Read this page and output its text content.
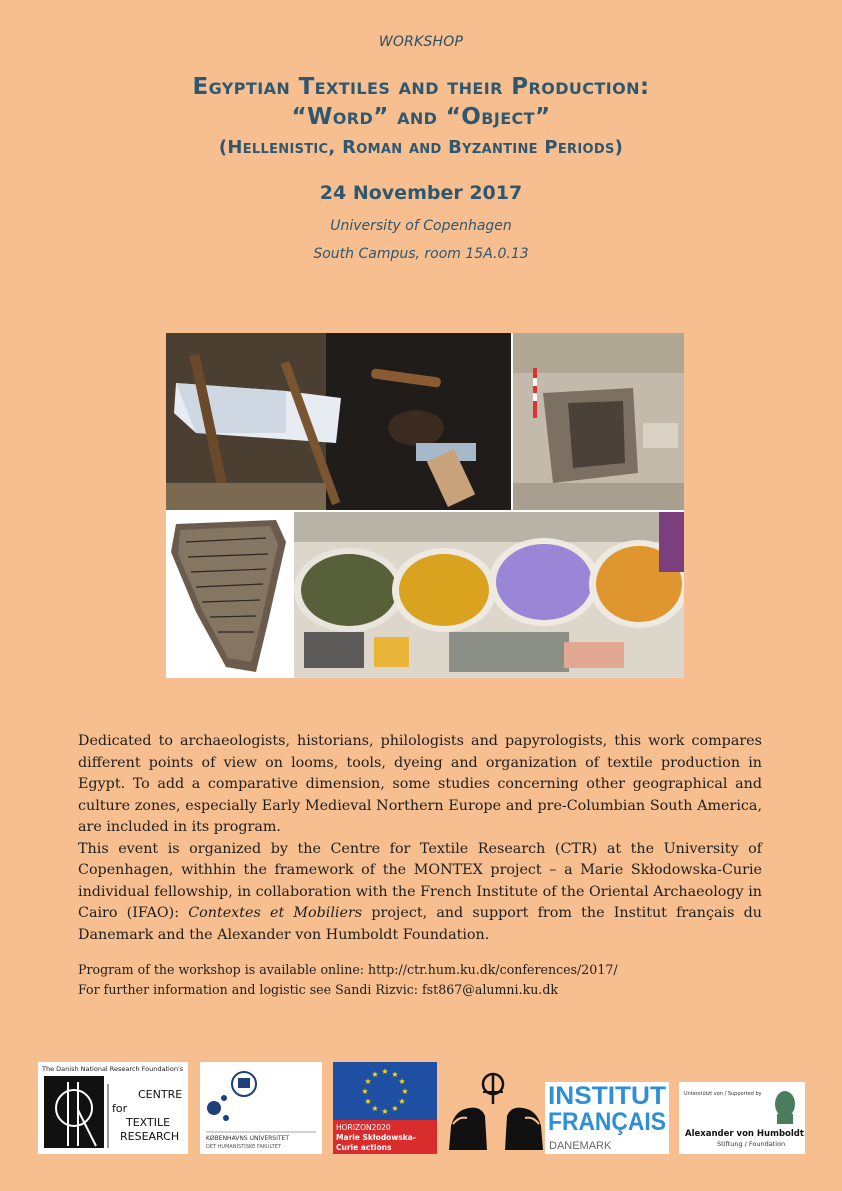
WORKSHOP
Egyptian Textiles and their Production:
“Word” and “Object”
(Hellenistic, Roman and Byzantine Periods)
24 November 2017
University of Copenhagen
South Campus, room 15A.0.13

Dedicated to archaeologists, historians, philologists and papyrologists, this work compares different points of view on looms, tools, dyeing and organization of textile production in Egypt. To add a comparative dimension, some studies concerning other geographical and culture zones, especially Early Medieval Northern Europe and pre-Columbian South America, are included in its program.

This event is organized by the Centre for Textile Research (CTR) at the University of Copenhagen, withhin the framework of the MONTEX project – a Marie Skłodowska-Curie individual fellowship, in collaboration with the French Institute of the Oriental Archaeology in Cairo (IFAO): Contextes et Mobiliers project, and support from the Institut français du Danemark and the Alexander von Humboldt Foundation.

Program of the workshop is available online: http://ctr.hum.ku.dk/conferences/2017/
For further information and logistic see Sandi Rizvic: fst867@alumni.ku.dk
The Danish National Research Foundation's
CENTRE
for
TEXTILE
RESEARCH	KØBENHAVNS UNIVERSITET
DET HUMANISTISKE FAKULTET
★ ★
★
★
★
★
★
★
★
★
★
★
HORIZON2020
Marie Skłodowska-
Curie actions
INSTITUT
FRANÇAIS
DANEMARK
Unterstützt von / Supported by
Alexander von Humboldt
Stiftung / Foundation
